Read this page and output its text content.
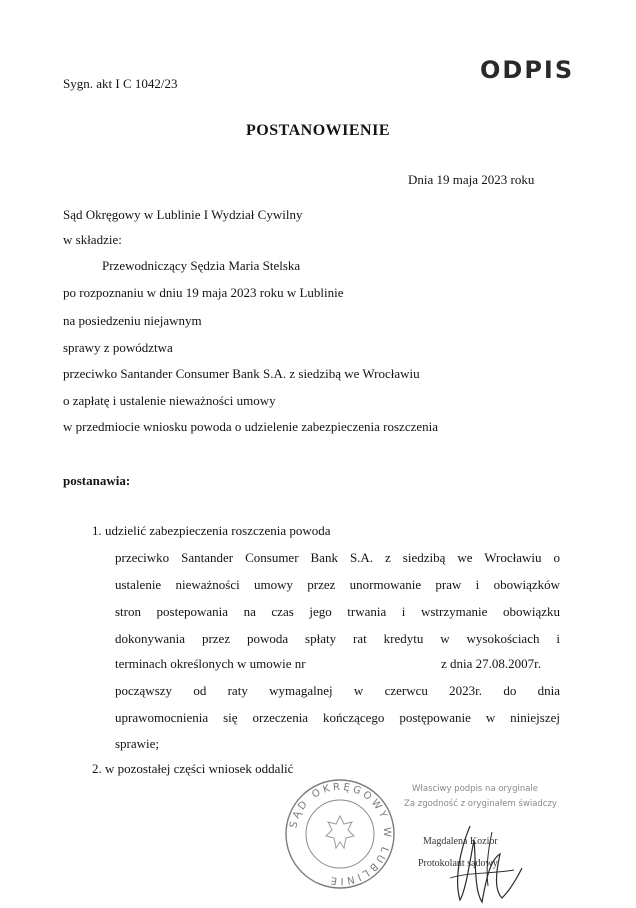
Sygn. akt I C 1042/23	ODPIS
POSTANOWIENIE
Dnia 19 maja 2023 roku
Sąd Okręgowy w Lublinie I Wydział Cywilny
w składzie:
Przewodniczący Sędzia Maria Stelska
po rozpoznaniu w dniu 19 maja 2023 roku w Lublinie
na posiedzeniu niejawnym
sprawy z powództwa
przeciwko Santander Consumer Bank S.A. z siedzibą we Wrocławiu
o zapłatę i ustalenie nieważności umowy
w przedmiocie wniosku powoda o udzielenie zabezpieczenia roszczenia
postanawia:
1. udzielić zabezpieczenia roszczenia powoda
przeciwko Santander Consumer Bank S.A. z siedzibą we Wrocławiu o
ustalenie nieważności umowy przez unormowanie praw i obowiązków
stron postepowania na czas jego trwania i wstrzymanie obowiązku
dokonywania przez powoda spłaty rat kredytu w wysokościach i
terminach określonych w umowie nr	z dnia 27.08.2007r.
począwszy od raty wymagalnej w czerwcu 2023r. do dnia
uprawomocnienia się orzeczenia kończącego postępowanie w niniejszej
sprawie;
2. w pozostałej części wniosek oddalić
SĄD OKRĘGOWY W LUBLINIE
Własciwy podpis na oryginale
Za zgodność z oryginałem świadczy
Magdalena Kozior
Protokolant sądowy
